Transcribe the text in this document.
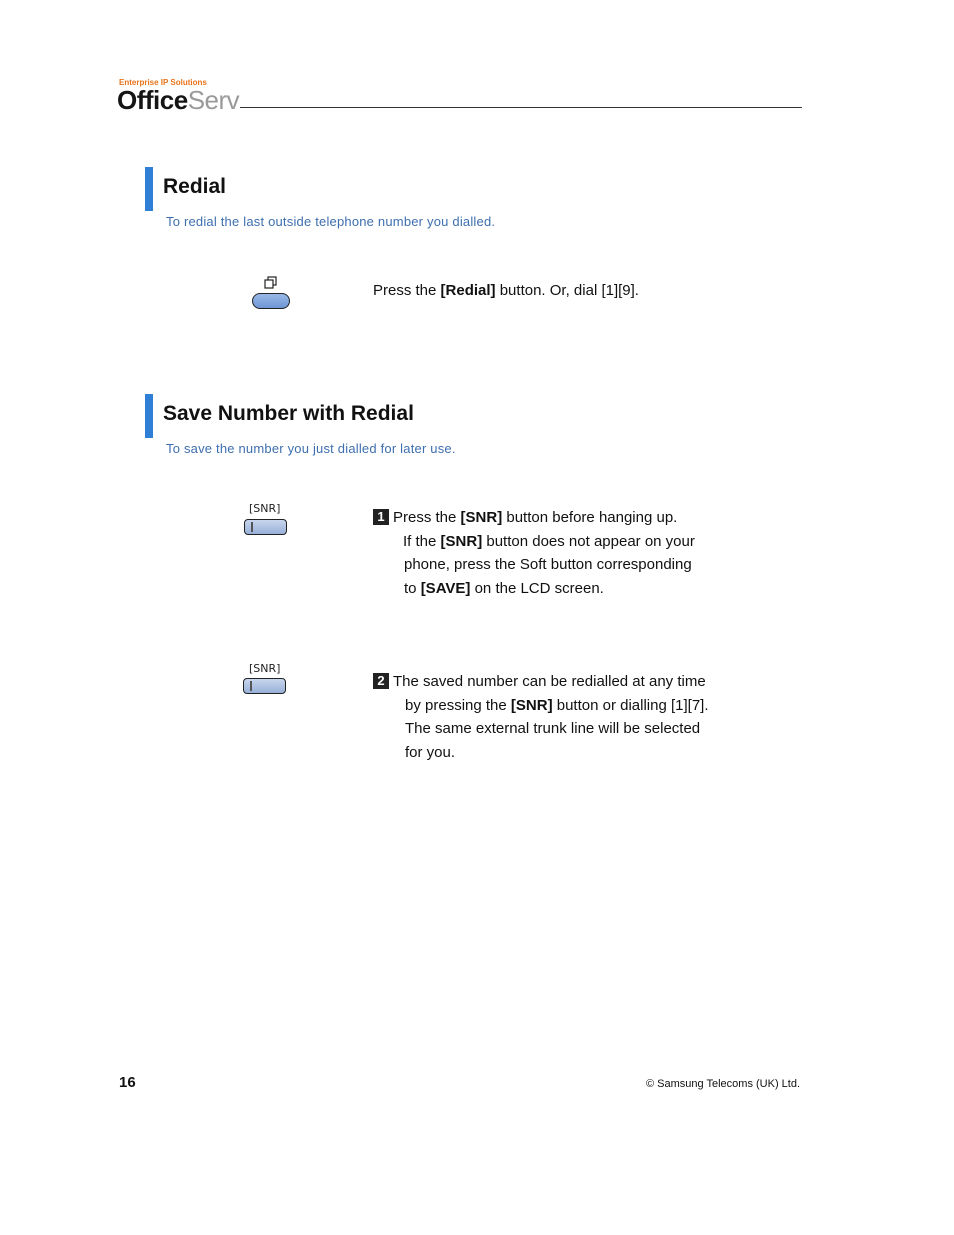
Enterprise IP Solutions
OfficeServ
Redial
To redial the last outside telephone number you dialled.
Press the [Redial] button. Or, dial [1][9].
Save Number with Redial
To save the number you just dialled for later use.
[SNR]
1 Press the [SNR] button before hanging up.
If the [SNR] button does not appear on your
phone, press the Soft button corresponding
to [SAVE] on the LCD screen.
[SNR]
2 The saved number can be redialled at any time
by pressing the [SNR] button or dialling [1][7].
The same external trunk line will be selected
for you.
16	© Samsung Telecoms (UK) Ltd.
